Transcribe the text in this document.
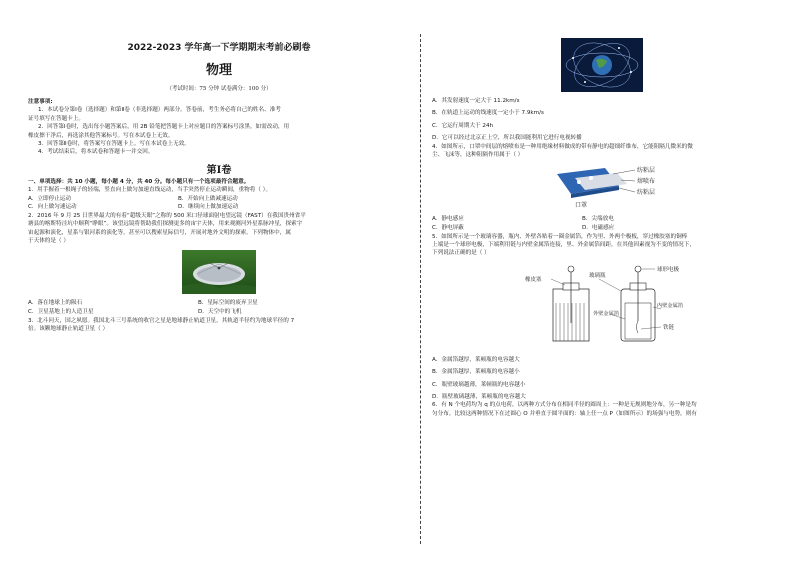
2022-2023 学年高一下学期期末考前必刷卷
物理
（考试时间：75 分钟 试卷满分：100 分）

注意事项:

1．本试卷分第Ⅰ卷（选择题）和第Ⅱ卷（非选择题）两部分。答卷前，考生务必将自己的姓名、准考

证号填写在答题卡上。

2．回答第Ⅰ卷时，选出每小题答案后，用 2B 铅笔把答题卡上对应题目的答案标号涂黑。如需改动，用

橡皮擦干净后，再选涂其他答案标号。写在本试卷上无效。

3．回答第Ⅱ卷时，将答案写在答题卡上。写在本试卷上无效。

4．考试结束后，将本试卷和答题卡一并交回。

第Ⅰ卷

一、单项选择：共 10 小题，每小题 4 分，共 40 分。每小题只有一个选项最符合题意。

1．用手握着一根绳子的轻端，竖直向上做匀加速直线运动，当手突然停止运动瞬间，重物将（ ）。

A．立即停止运动	B．开始向上做减速运动
C．向上做匀速运动	D．继续向上做加速运动

2．2016 年 9 月 25 日世界最大的有着“超级天眼”之称的 500 米口径球面射电望远镜（FAST）在我国贵州省平

塘县的喀斯特洼坑中顺利“睁眼”。该望远镜将帮助我们探测更多的宙宇天体，用来观测河外星系脉冲星，探索宇

宙起源和演化，星系与银河系的演化等，甚至可以搜索星际信号，开展对地外文明的探索。下列物体中，属

于天体的是（ ）

A．落在地球上的陨石	B．星际空间的废弃卫星
C．卫星基地上的人造卫星	D．天空中的飞机

3．北斗问天，国之夙愿。我国北斗三号系统的收官之星是地球静止轨道卫星，其轨道半径约为地球半径的 7

倍。该颗地球静止轨道卫星（ ）

A．其发射速度一定大于 11.2km/s

B．在轨道上运动的线速度一定小于 7.9km/s

C．它运行周期大于 24h

D．它可以经过北京正上空，所以我国能利用它进行电视转播

4．如图所示，口罩中间层的熔喷布是一种用绝缘材料做成的带有静电的超细纤维布，它能阻隔几微米的微

尘、飞沫等，这种阻隔作用属于（ ）

纺粘层
熔喷布
纺粘层
口罩
A．静电感应	B．尖端放电
C．静电屏蔽	D．电磁感应

5．如图所示是一个玻璃容器，瓶内、外壁各贴着一圈金属箔，作为里、外两个极板，穿过橡胶塞的铜棒

上端是一个球形电极，下端利用链与内壁金属箔连接，里、外金属箔间距，在其他因素视为不变的情况下，

下列说法正确的是（ ）

橡皮塞
玻璃瓶
球形电极
外壁金属箔
内壁金属箔
铁链

A．金属箔越厚，莱顿瓶的电容越大

B．金属箔越厚，莱顿瓶的电容越小

C．瓶壁玻璃越薄，莱顿瓶的电容越小

D．瓶壁玻璃越薄，莱顿瓶的电容越大

6．有 N 个电荷均为 q 的点电荷，以两种方式分布在相同半径的圆周上：一种是无规则地分布，另一种是均

匀分布。比较这两种情况下在过圆心 O 并垂直于圆平面的：轴上任一点 P（如图所示）的场强与电势，则有
